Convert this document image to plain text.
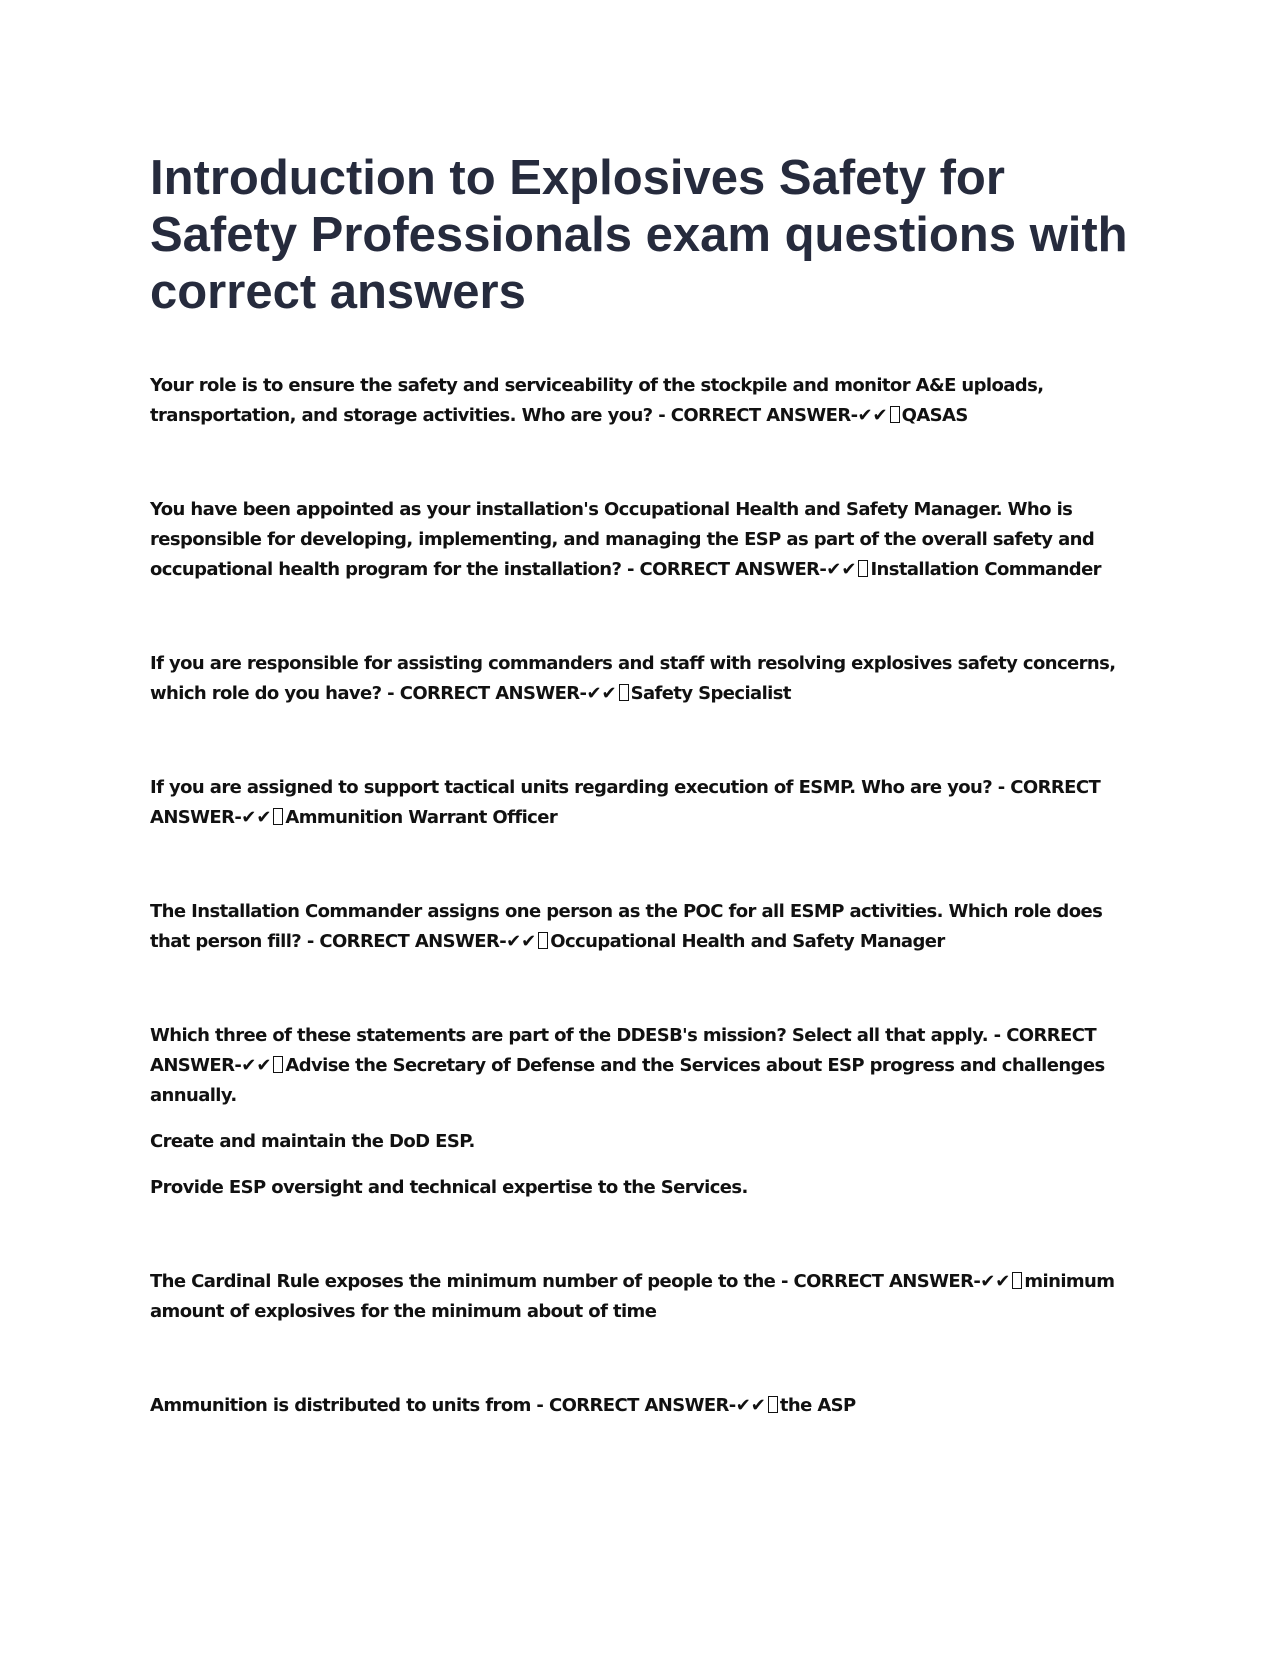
Introduction to Explosives Safety for Safety Professionals exam questions with correct answers

Your role is to ensure the safety and serviceability of the stockpile and monitor A&E uploads, transportation, and storage activities. Who are you? - CORRECT ANSWER-✔✔ QASAS

You have been appointed as your installation's Occupational Health and Safety Manager. Who is responsible for developing, implementing, and managing the ESP as part of the overall safety and occupational health program for the installation? - CORRECT ANSWER-✔✔ Installation Commander

If you are responsible for assisting commanders and staff with resolving explosives safety concerns, which role do you have? - CORRECT ANSWER-✔✔ Safety Specialist

If you are assigned to support tactical units regarding execution of ESMP. Who are you? - CORRECT ANSWER-✔✔ Ammunition Warrant Officer

The Installation Commander assigns one person as the POC for all ESMP activities. Which role does that person fill? - CORRECT ANSWER-✔✔ Occupational Health and Safety Manager

Which three of these statements are part of the DDESB's mission? Select all that apply. - CORRECT ANSWER-✔✔ Advise the Secretary of Defense and the Services about ESP progress and challenges annually.

Create and maintain the DoD ESP.

Provide ESP oversight and technical expertise to the Services.

The Cardinal Rule exposes the minimum number of people to the - CORRECT ANSWER-✔✔ minimum amount of explosives for the minimum about of time

Ammunition is distributed to units from - CORRECT ANSWER-✔✔ the ASP
